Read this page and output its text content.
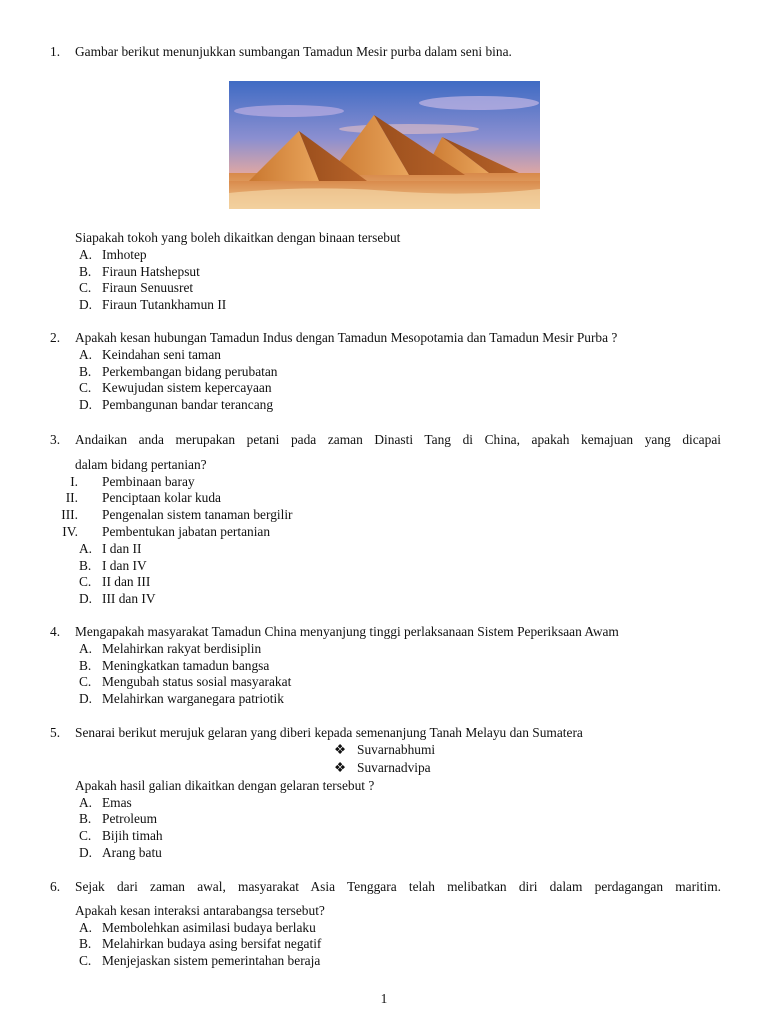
1. Gambar berikut menunjukkan sumbangan Tamadun Mesir purba dalam seni bina.
Siapakah tokoh yang boleh dikaitkan dengan binaan tersebut
A. Imhotep
B. Firaun Hatshepsut
C. Firaun Senuusret
D. Firaun Tutankhamun II
2. Apakah kesan hubungan Tamadun Indus dengan Tamadun Mesopotamia dan Tamadun Mesir Purba ?
A. Keindahan seni taman
B. Perkembangan bidang perubatan
C. Kewujudan sistem kepercayaan
D. Pembangunan bandar terancang
3. Andaikan anda merupakan petani pada zaman Dinasti Tang di China, apakah kemajuan yang dicapai
dalam bidang pertanian?
I. Pembinaan baray
II. Penciptaan kolar kuda
III. Pengenalan sistem tanaman bergilir
IV. Pembentukan jabatan pertanian
A. I dan II
B. I dan IV
C. II dan III
D. III dan IV
4. Mengapakah masyarakat Tamadun China menyanjung tinggi perlaksanaan Sistem Peperiksaan Awam
A. Melahirkan rakyat berdisiplin
B. Meningkatkan tamadun bangsa
C. Mengubah status sosial masyarakat
D. Melahirkan warganegara patriotik
5. Senarai berikut merujuk gelaran yang diberi kepada semenanjung Tanah Melayu dan Sumatera
❖ Suvarnabhumi
❖ Suvarnadvipa
Apakah hasil galian dikaitkan dengan gelaran tersebut ?
A. Emas
B. Petroleum
C. Bijih timah
D. Arang batu
6. Sejak dari zaman awal, masyarakat Asia Tenggara telah melibatkan diri dalam perdagangan maritim.
Apakah kesan interaksi antarabangsa tersebut?
A. Membolehkan asimilasi budaya berlaku
B. Melahirkan budaya asing bersifat negatif
C. Menjejaskan sistem pemerintahan beraja
1
